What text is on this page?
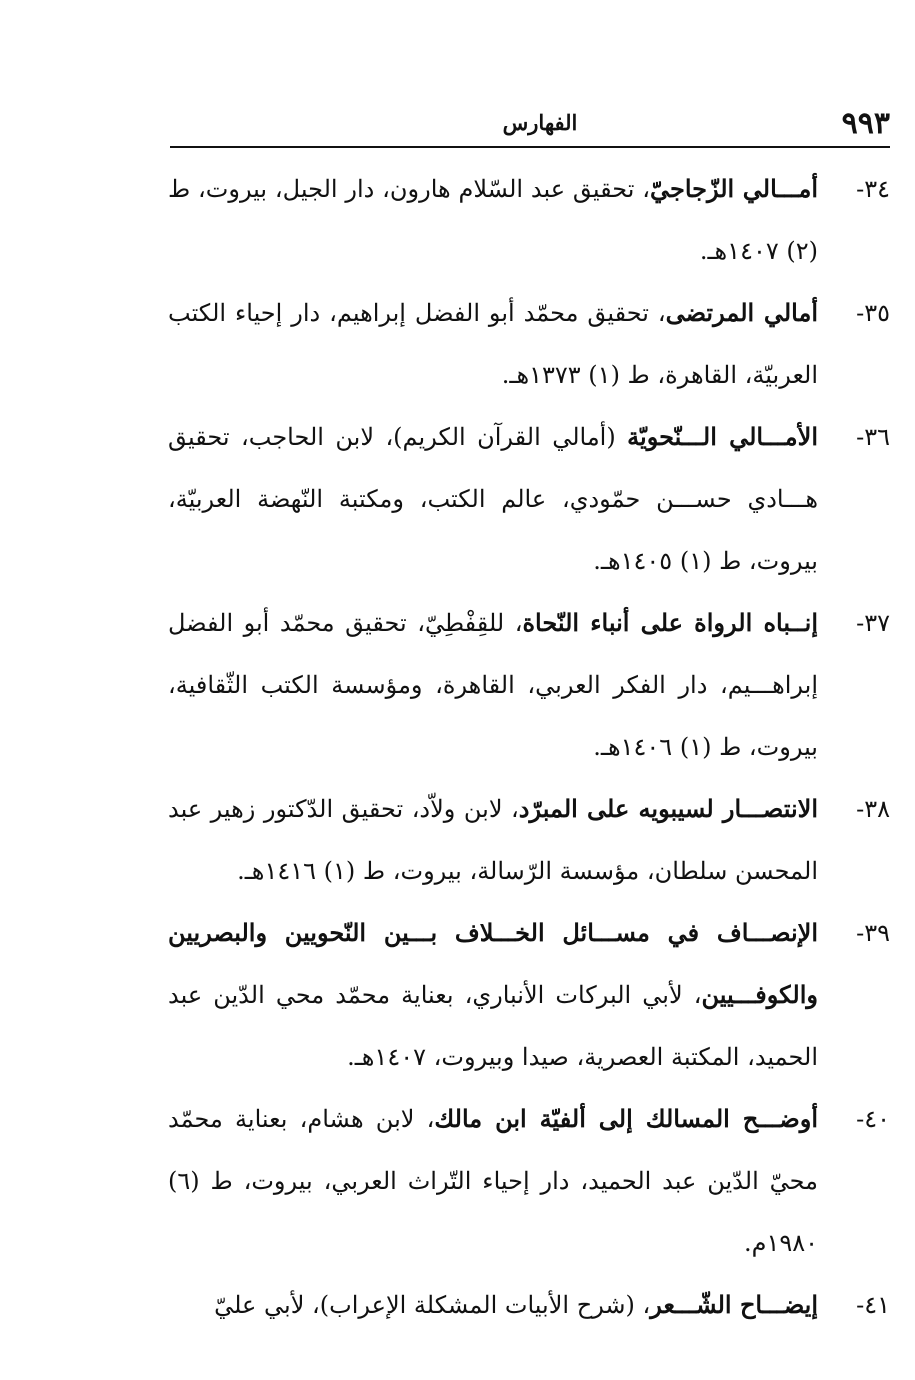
٩٩٣
الفهارس

٣٤-
أمـــالي الزّجاجيّ، تحقيق عبد السّلام هارون، دار الجيل، بيروت، ط (٢) ١٤٠٧هـ.

٣٥-
أمالي المرتضى، تحقيق محمّد أبو الفضل إبراهيم، دار إحياء الكتب العربيّة، القاهرة، ط (١) ١٣٧٣هـ.

٣٦-
الأمـــالي الـــنّحويّة (أمالي القرآن الكريم)، لابن الحاجب، تحقيق هـــادي حســـن حمّودي، عالم الكتب، ومكتبة النّهضة العربيّة، بيروت، ط (١) ١٤٠٥هـ.

٣٧-
إنــباه الرواة على أنباء النّحاة، للقِفْطِيّ، تحقيق محمّد أبو الفضل إبراهـــيم، دار الفكر العربي، القاهرة، ومؤسسة الكتب الثّقافية، بيروت، ط (١) ١٤٠٦هـ.

٣٨-
الانتصـــار لسيبويه على المبرّد، لابن ولاّد، تحقيق الدّكتور زهير عبد المحسن سلطان، مؤسسة الرّسالة، بيروت، ط (١) ١٤١٦هـ.

٣٩-
الإنصـــاف في مســـائل الخـــلاف بـــين النّحويين والبصريين والكوفـــيين، لأبي البركات الأنباري، بعناية محمّد محي الدّين عبد الحميد، المكتبة العصرية، صيدا وبيروت، ١٤٠٧هـ.

٤٠-
أوضـــح المسالك إلى ألفيّة ابن مالك، لابن هشام، بعناية محمّد محيّ الدّين عبد الحميد، دار إحياء التّراث العربي، بيروت، ط (٦) ١٩٨٠م.

٤١-
إيضـــاح الشّـــعر، (شرح الأبيات المشكلة الإعراب)، لأبي عليّ
